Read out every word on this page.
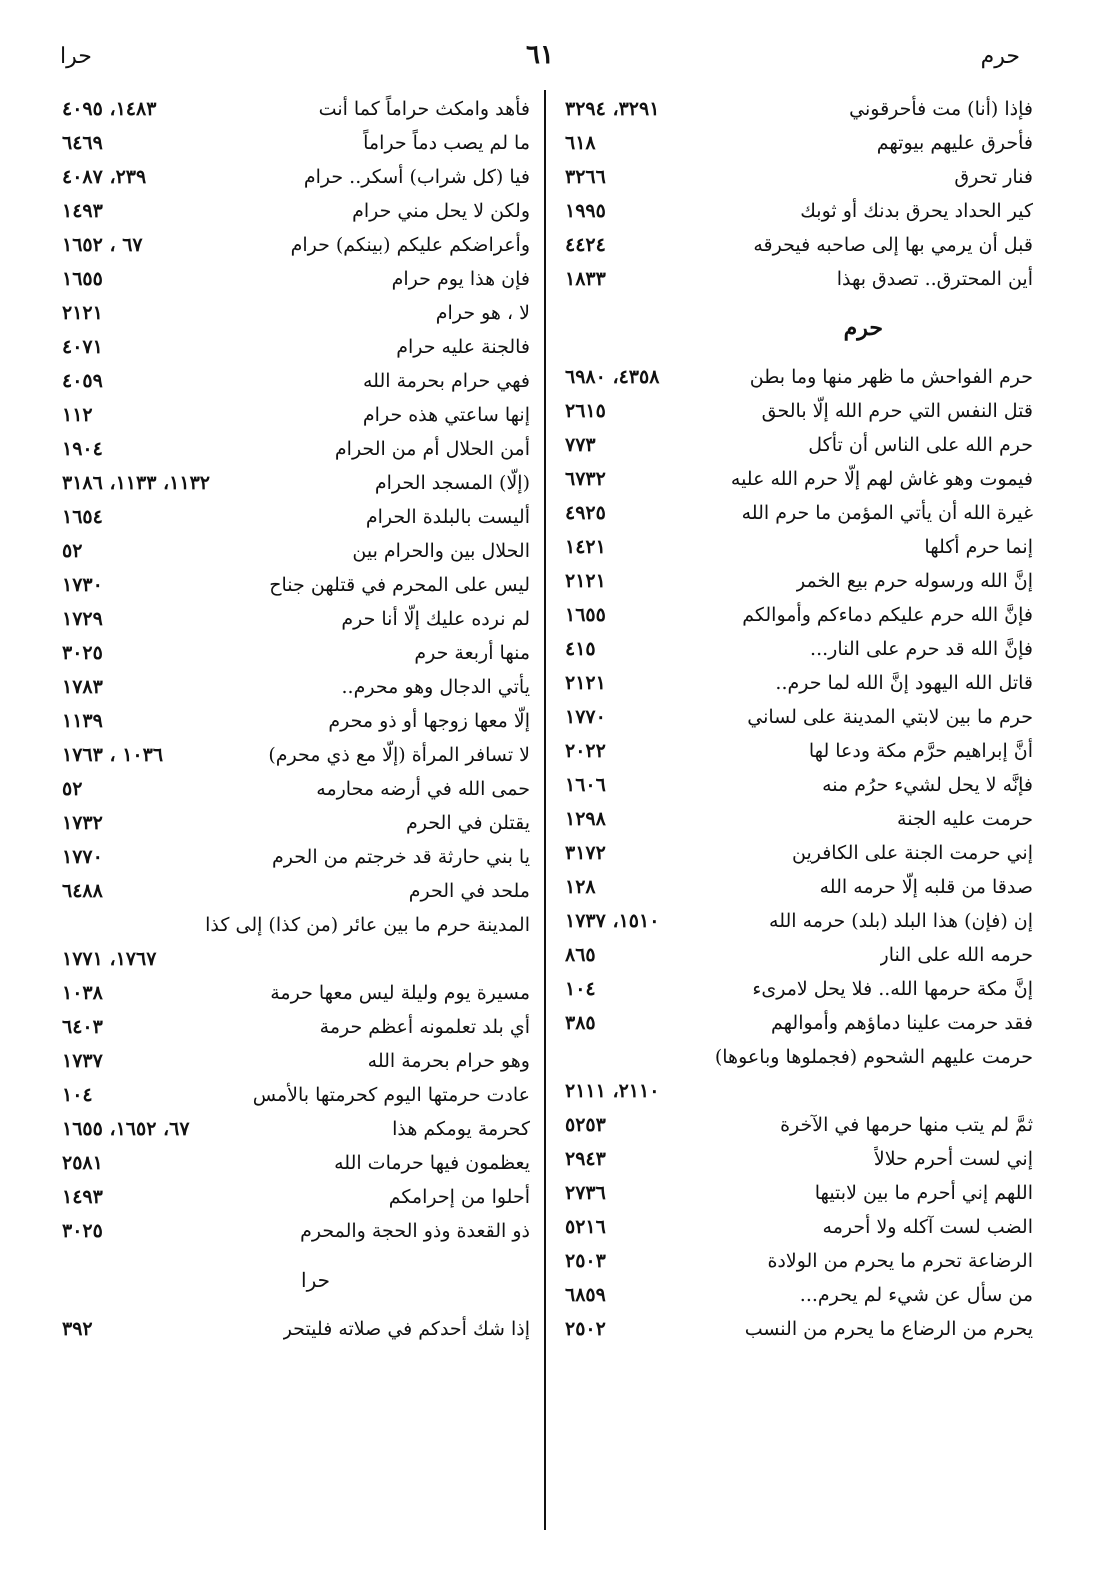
حرم
٦١
حرا
فإذا (أنا) مت فأحرقوني
٣٢٩١، ٣٢٩٤
فأحرق عليهم بيوتهم
٦١٨
فنار تحرق
٣٢٦٦
كير الحداد يحرق بدنك أو ثوبك
١٩٩٥
قبل أن يرمي بها إلى صاحبه فيحرقه
٤٤٢٤
أين المحترق.. تصدق بهذا
١٨٣٣
حرم
حرم الفواحش ما ظهر منها وما بطن
٤٣٥٨، ٦٩٨٠
قتل النفس التي حرم الله إلّا بالحق
٢٦١٥
حرم الله على الناس أن تأكل
٧٧٣
فيموت وهو غاش لهم إلّا حرم الله عليه
٦٧٣٢
غيرة الله أن يأتي المؤمن ما حرم الله
٤٩٢٥
إنما حرم أكلها
١٤٢١
إنَّ الله ورسوله حرم بيع الخمر
٢١٢١
فإنَّ الله حرم عليكم دماءكم وأموالكم
١٦٥٥
فإنَّ الله قد حرم على النار...
٤١٥
قاتل الله اليهود إنَّ الله لما حرم..
٢١٢١
حرم ما بين لابتي المدينة على لساني
١٧٧٠
أنَّ إبراهيم حرَّم مكة ودعا لها
٢٠٢٢
فإنَّه لا يحل لشيء حرُم منه
١٦٠٦
حرمت عليه الجنة
١٢٩٨
إني حرمت الجنة على الكافرين
٣١٧٢
صدقا من قلبه إلّا حرمه الله
١٢٨
إن (فإن) هذا البلد (بلد) حرمه الله
١٥١٠، ١٧٣٧
حرمه الله على النار
٨٦٥
إنَّ مكة حرمها الله.. فلا يحل لامرىء
١٠٤
فقد حرمت علينا دماؤهم وأموالهم
٣٨٥
حرمت عليهم الشحوم (فجملوها وباعوها)
٢١١٠، ٢١١١
ثمَّ لم يتب منها حرمها في الآخرة
٥٢٥٣
إني لست أحرم حلالاً
٢٩٤٣
اللهم إني أحرم ما بين لابتيها
٢٧٣٦
الضب لست آكله ولا أحرمه
٥٢١٦
الرضاعة تحرم ما يحرم من الولادة
٢٥٠٣
من سأل عن شيء لم يحرم...
٦٨٥٩
يحرم من الرضاع ما يحرم من النسب
٢٥٠٢
فأهد وامكث حراماً كما أنت
١٤٨٣، ٤٠٩٥
ما لم يصب دماً حراماً
٦٤٦٩
فيا (كل شراب) أسكر.. حرام
٢٣٩، ٤٠٨٧
ولكن لا يحل مني حرام
١٤٩٣
وأعراضكم عليكم (بينكم) حرام
٦٧ ، ١٦٥٢
فإن هذا يوم حرام
١٦٥٥
لا ، هو حرام
٢١٢١
فالجنة عليه حرام
٤٠٧١
فهي حرام بحرمة الله
٤٠٥٩
إنها ساعتي هذه حرام
١١٢
أمن الحلال أم من الحرام
١٩٠٤
(إلّا) المسجد الحرام
١١٣٢، ١١٣٣، ٣١٨٦
أليست بالبلدة الحرام
١٦٥٤
الحلال بين والحرام بين
٥٢
ليس على المحرم في قتلهن جناح
١٧٣٠
لم نرده عليك إلّا أنا حرم
١٧٢٩
منها أربعة حرم
٣٠٢٥
يأتي الدجال وهو محرم..
١٧٨٣
إلّا معها زوجها أو ذو محرم
١١٣٩
لا تسافر المرأة (إلّا مع ذي محرم)
١٠٣٦ ، ١٧٦٣
حمى الله في أرضه محارمه
٥٢
يقتلن في الحرم
١٧٣٢
يا بني حارثة قد خرجتم من الحرم
١٧٧٠
ملحد في الحرم
٦٤٨٨
المدينة حرم ما بين عائر (من كذا) إلى كذا
١٧٦٧، ١٧٧١
مسيرة يوم وليلة ليس معها حرمة
١٠٣٨
أي بلد تعلمونه أعظم حرمة
٦٤٠٣
وهو حرام بحرمة الله
١٧٣٧
عادت حرمتها اليوم كحرمتها بالأمس
١٠٤
كحرمة يومكم هذا
٦٧، ١٦٥٢، ١٦٥٥
يعظمون فيها حرمات الله
٢٥٨١
أحلوا من إحرامكم
١٤٩٣
ذو القعدة وذو الحجة والمحرم
٣٠٢٥
حرا
إذا شك أحدكم في صلاته فليتحر
٣٩٢
